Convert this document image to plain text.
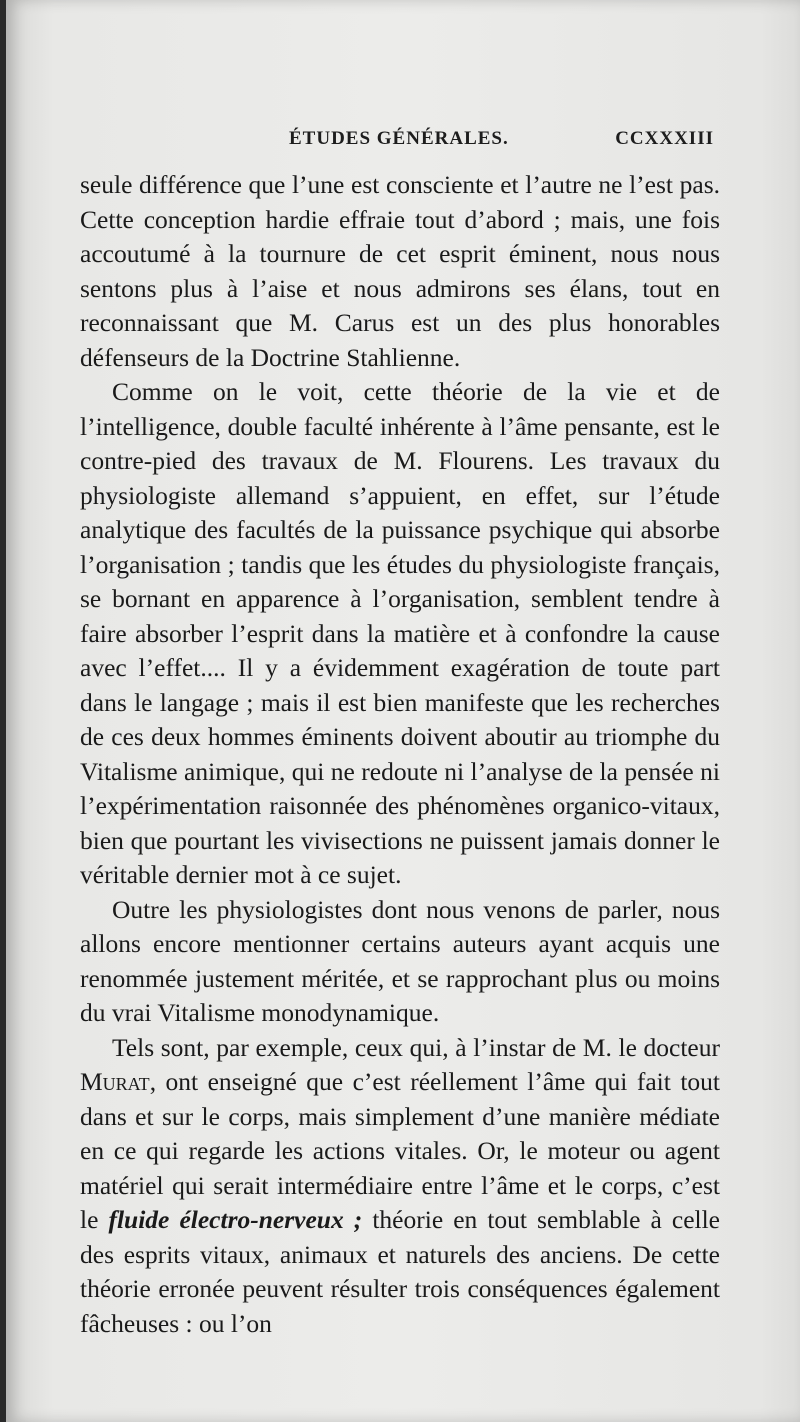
ÉTUDES GÉNÉRALES.	CCXXXIII

seule différence que l’une est consciente et l’autre ne l’est pas. Cette conception hardie effraie tout d’abord ; mais, une fois accoutumé à la tournure de cet esprit éminent, nous nous sentons plus à l’aise et nous admirons ses élans, tout en reconnaissant que M. Carus est un des plus honorables défenseurs de la Doctrine Stahlienne.

Comme on le voit, cette théorie de la vie et de l’intelligence, double faculté inhérente à l’âme pensante, est le contre-pied des travaux de M. Flourens. Les travaux du physiologiste allemand s’appuient, en effet, sur l’étude analytique des facultés de la puissance psychique qui absorbe l’organisation ; tandis que les études du physiologiste français, se bornant en apparence à l’organisation, semblent tendre à faire absorber l’esprit dans la matière et à confondre la cause avec l’effet.... Il y a évidemment exagération de toute part dans le langage ; mais il est bien manifeste que les recherches de ces deux hommes éminents doivent aboutir au triomphe du Vitalisme animique, qui ne redoute ni l’analyse de la pensée ni l’expérimentation raisonnée des phénomènes organico-vitaux, bien que pourtant les vivisections ne puissent jamais donner le véritable dernier mot à ce sujet.

Outre les physiologistes dont nous venons de parler, nous allons encore mentionner certains auteurs ayant acquis une renommée justement méritée, et se rapprochant plus ou moins du vrai Vitalisme monodynamique.

Tels sont, par exemple, ceux qui, à l’instar de M. le docteur Murat, ont enseigné que c’est réellement l’âme qui fait tout dans et sur le corps, mais simplement d’une manière médiate en ce qui regarde les actions vitales. Or, le moteur ou agent matériel qui serait intermédiaire entre l’âme et le corps, c’est le fluide électro-nerveux ; théorie en tout semblable à celle des esprits vitaux, animaux et naturels des anciens. De cette théorie erronée peuvent résulter trois conséquences également fâcheuses : ou l’on
